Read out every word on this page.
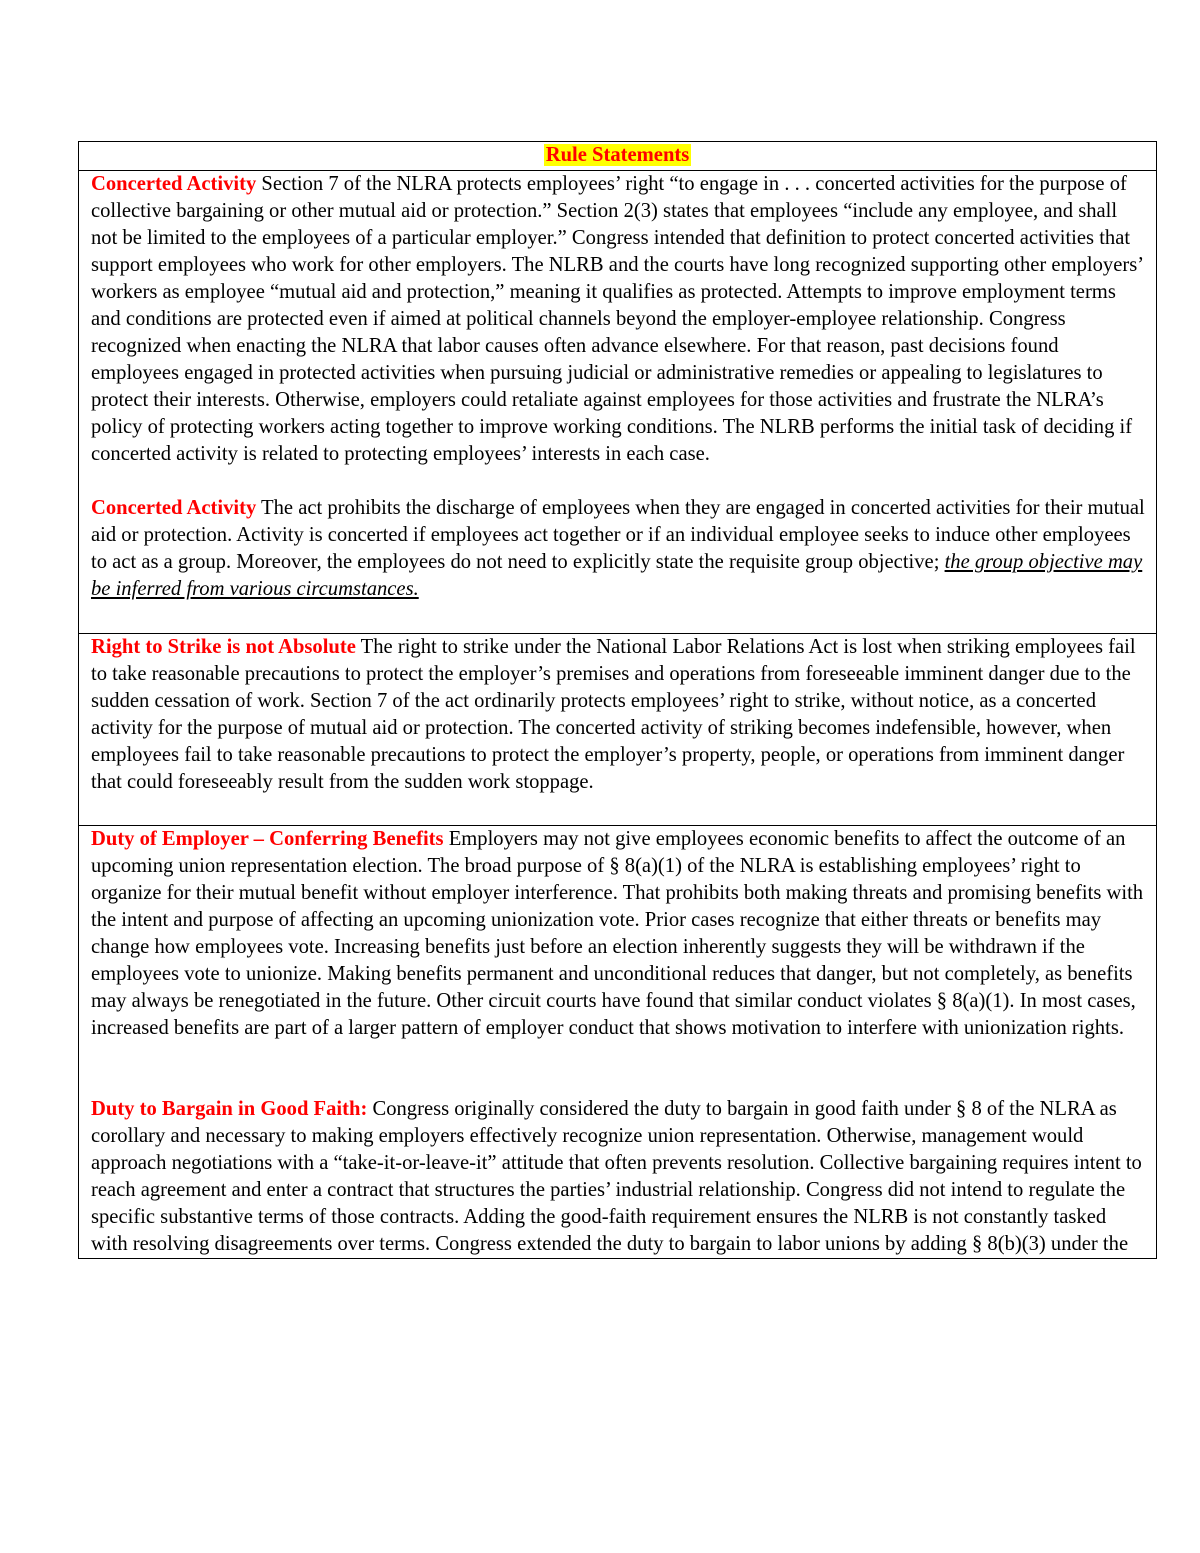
Rule Statements

Concerted Activity Section 7 of the NLRA protects employees’ right “to engage in . . . concerted activities for the purpose of collective bargaining or other mutual aid or protection.” Section 2(3) states that employees “include any employee, and shall not be limited to the employees of a particular employer.” Congress intended that definition to protect concerted activities that support employees who work for other employers. The NLRB and the courts have long recognized supporting other employers’ workers as employee “mutual aid and protection,” meaning it qualifies as protected. Attempts to improve employment terms and conditions are protected even if aimed at political channels beyond the employer-employee relationship. Congress recognized when enacting the NLRA that labor causes often advance elsewhere. For that reason, past decisions found employees engaged in protected activities when pursuing judicial or administrative remedies or appealing to legislatures to protect their interests. Otherwise, employers could retaliate against employees for those activities and frustrate the NLRA’s policy of protecting workers acting together to improve working conditions. The NLRB performs the initial task of deciding if concerted activity is related to protecting employees’ interests in each case.
Concerted Activity The act prohibits the discharge of employees when they are engaged in concerted activities for their mutual aid or protection. Activity is concerted if employees act together or if an individual employee seeks to induce other employees to act as a group. Moreover, the employees do not need to explicitly state the requisite group objective; the group objective may be inferred from various circumstances.

Right to Strike is not Absolute The right to strike under the National Labor Relations Act is lost when striking employees fail to take reasonable precautions to protect the employer’s premises and operations from foreseeable imminent danger due to the sudden cessation of work. Section 7 of the act ordinarily protects employees’ right to strike, without notice, as a concerted activity for the purpose of mutual aid or protection. The concerted activity of striking becomes indefensible, however, when employees fail to take reasonable precautions to protect the employer’s property, people, or operations from imminent danger that could foreseeably result from the sudden work stoppage.

Duty of Employer – Conferring Benefits Employers may not give employees economic benefits to affect the outcome of an upcoming union representation election. The broad purpose of § 8(a)(1) of the NLRA is establishing employees’ right to organize for their mutual benefit without employer interference. That prohibits both making threats and promising benefits with the intent and purpose of affecting an upcoming unionization vote. Prior cases recognize that either threats or benefits may change how employees vote. Increasing benefits just before an election inherently suggests they will be withdrawn if the employees vote to unionize. Making benefits permanent and unconditional reduces that danger, but not completely, as benefits may always be renegotiated in the future. Other circuit courts have found that similar conduct violates § 8(a)(1). In most cases, increased benefits are part of a larger pattern of employer conduct that shows motivation to interfere with unionization rights.
Duty to Bargain in Good Faith: Congress originally considered the duty to bargain in good faith under § 8 of the NLRA as corollary and necessary to making employers effectively recognize union representation. Otherwise, management would approach negotiations with a “take-it-or-leave-it” attitude that often prevents resolution. Collective bargaining requires intent to reach agreement and enter a contract that structures the parties’ industrial relationship. Congress did not intend to regulate the specific substantive terms of those contracts. Adding the good-faith requirement ensures the NLRB is not constantly tasked with resolving disagreements over terms. Congress extended the duty to bargain to labor unions by adding § 8(b)(3) under the
